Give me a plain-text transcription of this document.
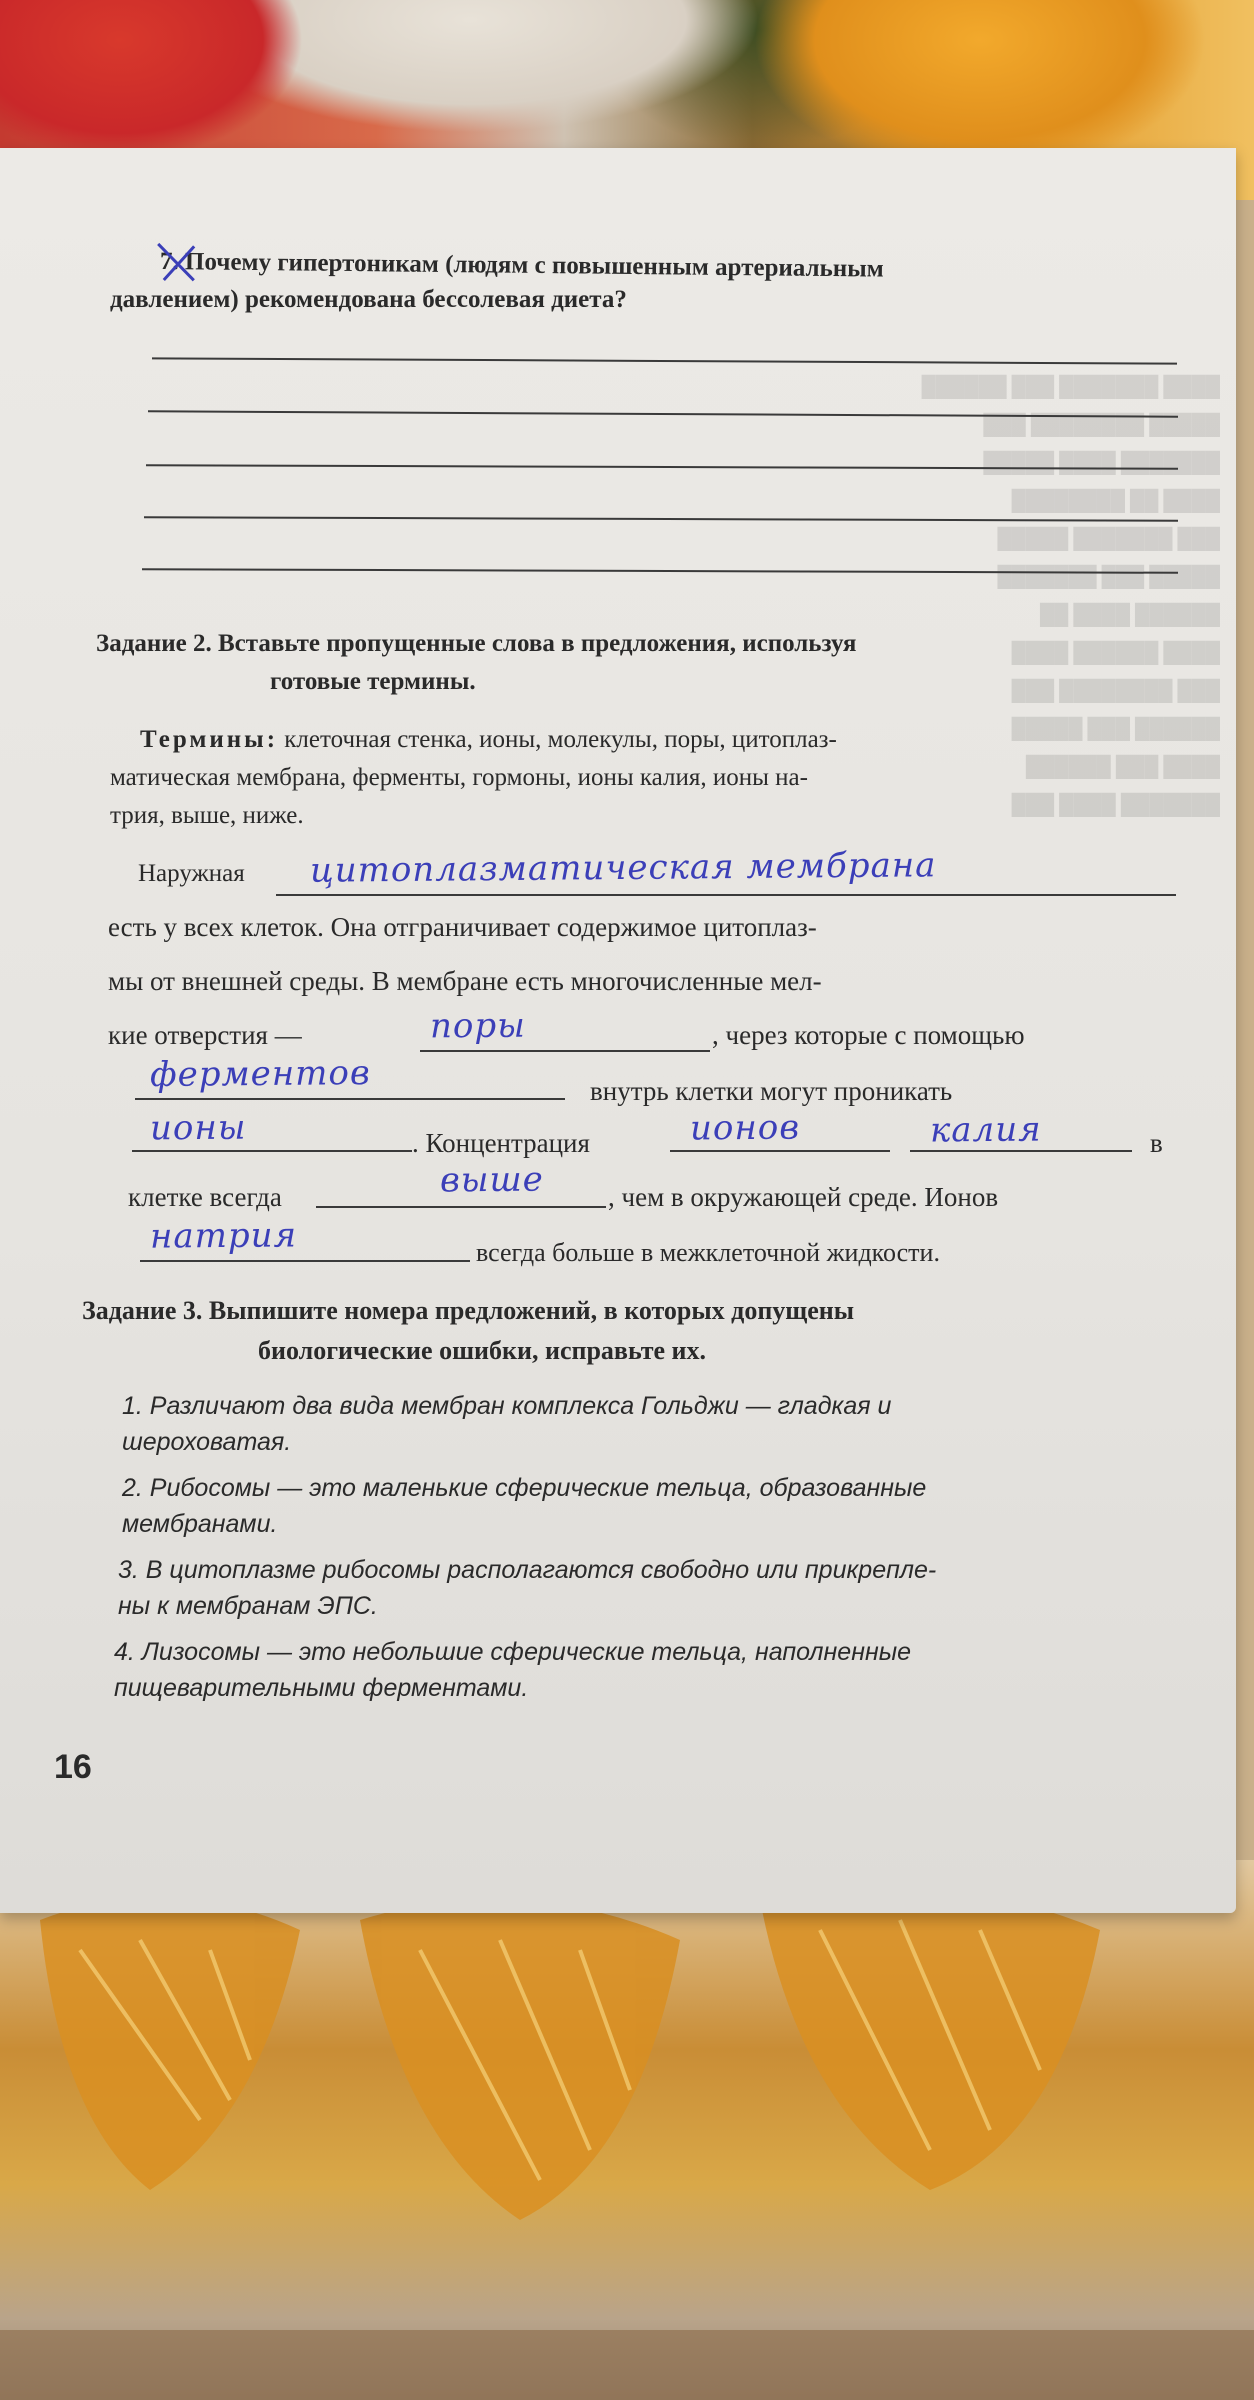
████ ███████ ███ ██████
█████ ████████ ███
███████ ████ █████
████ ██ ████████
███ ███████ █████
█████ ███ ███████
██████ ████ ██
████ ██████ ████
███ ████████ ███
██████ ███ █████
████ ███ ██████
███████ ████ ███
7. Почему гипертоникам (людям с повышенным артериальным
давлением) рекомендована бессолевая диета?
Задание 2. Вставьте пропущенные слова в предложения, используя
готовые термины.
Термины: клеточная стенка, ионы, молекулы, поры, цитоплаз-
матическая мембрана, ферменты, гормоны, ионы калия, ионы на-
трия, выше, ниже.
Наружная цитоплазматическая мембрана
есть у всех клеток. Она отграничивает содержимое цитоплаз-
мы от внешней среды. В мембране есть многочисленные мел-
кие отверстия —	поры	, через которые с помощью
ферментов	внутрь клетки могут проникать
ионы	. Концентрация	ионов	калия	в
клетке всегда	выше , чем в окружающей среде. Ионов
натрия	всегда больше в межклеточной жидкости.
Задание 3. Выпишите номера предложений, в которых допущены
биологические ошибки, исправьте их.
1. Различают два вида мембран комплекса Гольджи — гладкая и
шероховатая.
2. Рибосомы — это маленькие сферические тельца, образованные
мембранами.
3. В цитоплазме рибосомы располагаются свободно или прикрепле-
ны к мембранам ЭПС.
4. Лизосомы — это небольшие сферические тельца, наполненные
пищеварительными ферментами.
16
